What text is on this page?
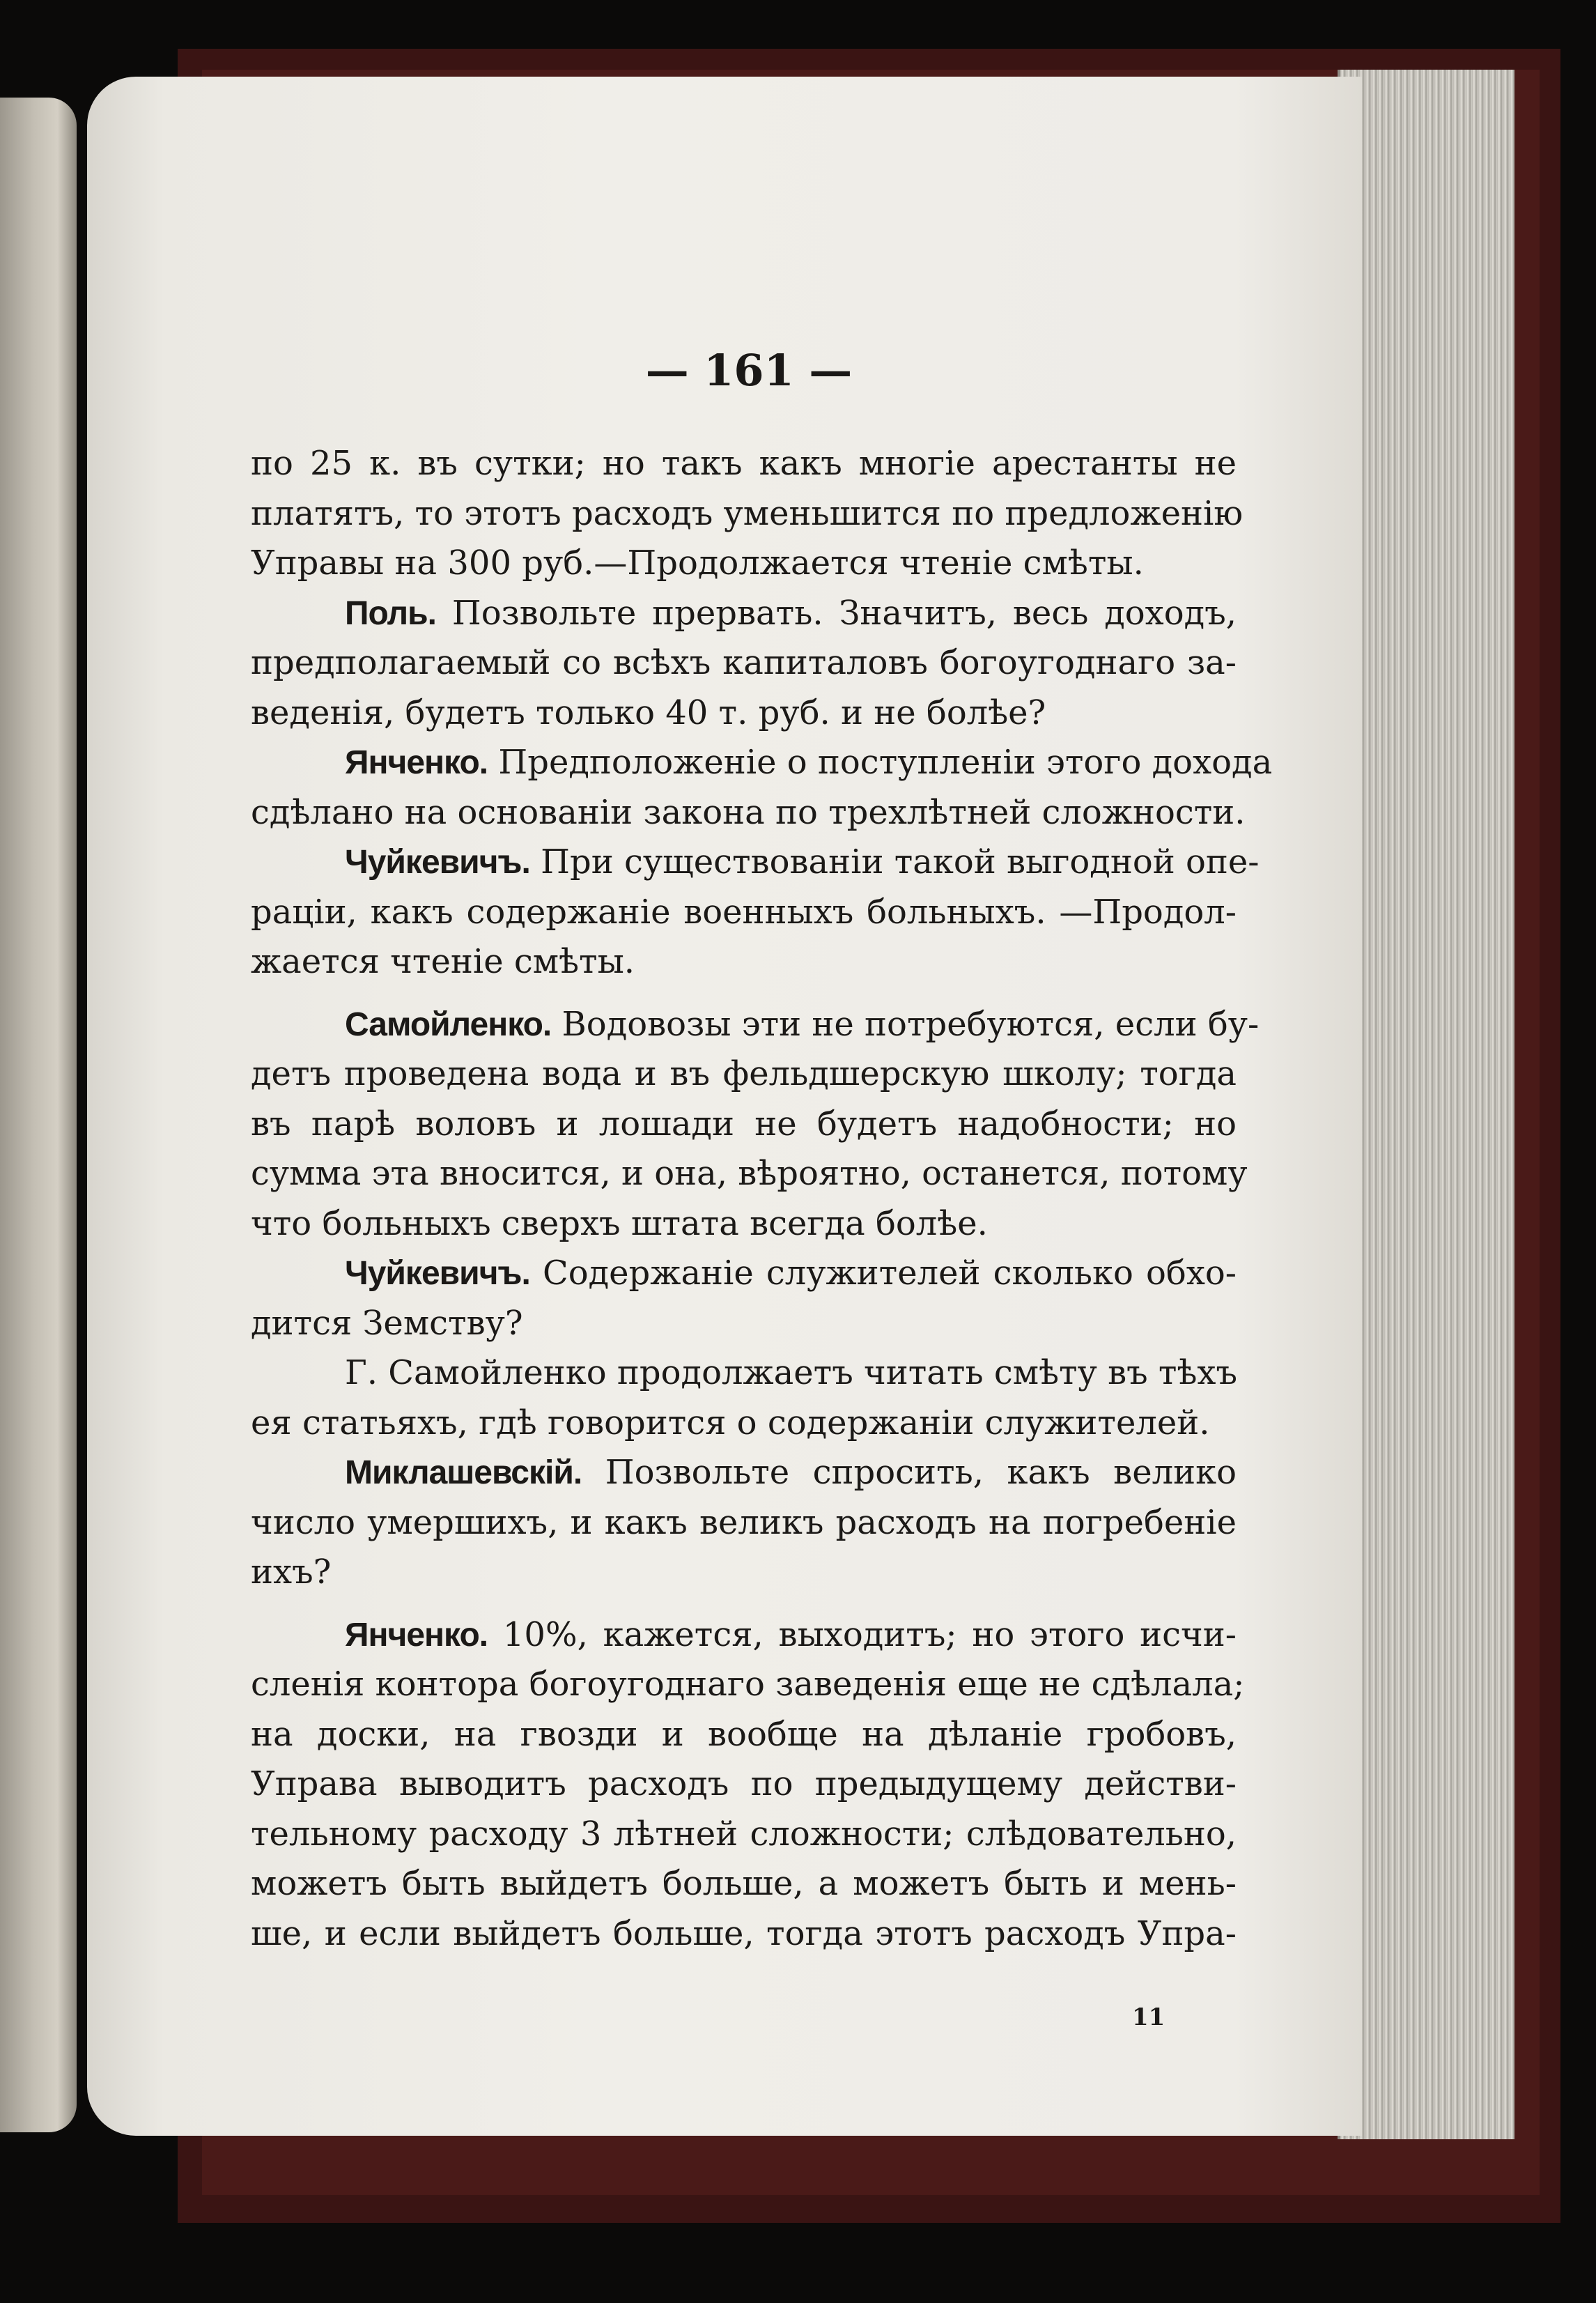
— 161 —
по 25 к. въ сутки; но такъ какъ многіе арестанты не
платятъ, то этотъ расходъ уменьшится по предложенію
Управы на 300 руб.—Продолжается чтеніе смѣты.
Поль. Позвольте прервать. Значитъ, весь доходъ,
предполагаемый со всѣхъ капиталовъ богоугоднаго за-
веденія, будетъ только 40 т. руб. и не болѣе?
Янченко. Предположеніе о поступленіи этого дохода
сдѣлано на основаніи закона по трехлѣтней сложности.
Чуйкевичъ. При существованіи такой выгодной опе-
раціи, какъ содержаніе военныхъ больныхъ. —Продол-
жается чтеніе смѣты.
Самойленко. Водовозы эти не потребуются, если бу-
детъ проведена вода и въ фельдшерскую школу; тогда
въ парѣ воловъ и лошади не будетъ надобности; но
сумма эта вносится, и она, вѣроятно, останется, потому
что больныхъ сверхъ штата всегда болѣе.
Чуйкевичъ. Содержаніе служителей сколько обхо-
дится Земству?
Г. Самойленко продолжаетъ читать смѣту въ тѣхъ
ея статьяхъ, гдѣ говорится о содержаніи служителей.
Миклашевскій. Позвольте спросить, какъ велико
число умершихъ, и какъ великъ расходъ на погребеніе
ихъ?
Янченко. 10%, кажется, выходитъ; но этого исчи-
сленія контора богоугоднаго заведенія еще не сдѣлала;
на доски, на гвозди и вообще на дѣланіе гробовъ,
Управа выводитъ расходъ по предыдущему действи-
тельному расходу 3 лѣтней сложности; слѣдовательно,
можетъ быть выйдетъ больше, а можетъ быть и мень-
ше, и если выйдетъ больше, тогда этотъ расходъ Упра-
11
